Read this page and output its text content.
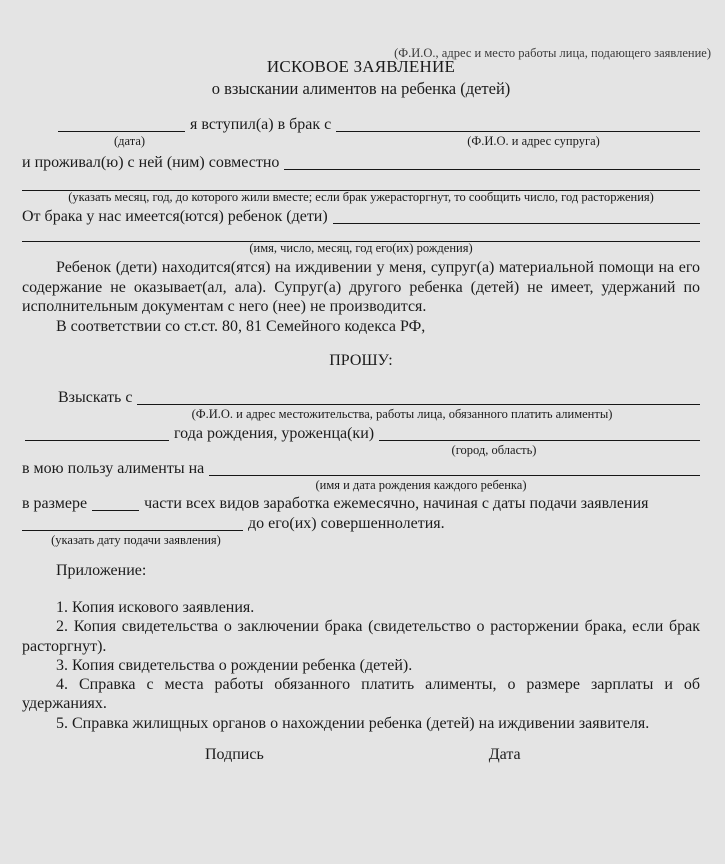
(Ф.И.О., адрес и место работы лица, подающего заявление)
ИСКОВОЕ ЗАЯВЛЕНИЕ
о взыскании алиментов на ребенка (детей)
я вступил(а) в брак с
(дата)	(Ф.И.О. и адрес супруга)
и проживал(ю) с ней (ним) совместно
(указать месяц, год, до которого жили вместе; если брак ужерасторгнут, то сообщить число, год расторжения)
От брака у нас имеется(ются) ребенок (дети)
(имя, число, месяц, год его(их) рождения)

Ребенок (дети) находится(ятся) на иждивении у меня, супруг(а) материальной помощи на его содержание не оказывает(ал, ала). Супруг(а) другого ребенка (детей) не имеет, удержаний по исполнительным документам с него (нее) не производится.

В соответствии со ст.ст. 80, 81 Семейного кодекса РФ,

ПРОШУ:
Взыскать с
(Ф.И.О. и адрес местожительства, работы лица, обязанного платить алименты)
года рождения, уроженца(ки)
(город, область)
в мою пользу алименты на
(имя и дата рождения каждого ребенка)
в размере	части всех видов заработка ежемесячно, начиная с даты подачи заявления
до его(их) совершеннолетия.
(указать дату подачи заявления)

Приложение:

1. Копия искового заявления.

2. Копия свидетельства о заключении брака (свидетельство о расторжении брака, если брак расторгнут).

3. Копия свидетельства о рождении ребенка (детей).

4. Справка с места работы обязанного платить алименты, о размере зарплаты и об удержаниях.

5. Справка жилищных органов о нахождении ребенка (детей) на иждивении заявителя.

Подпись	Дата
